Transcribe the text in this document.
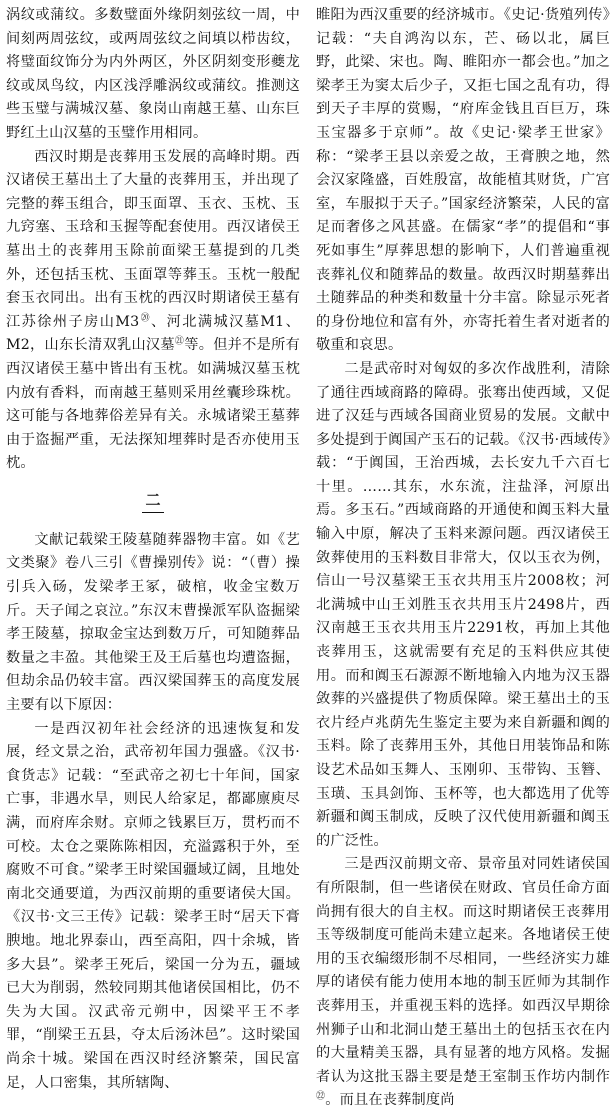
涡纹或蒲纹。多数璧面外缘阴刻弦纹一周，中间刻两周弦纹，或两周弦纹之间填以栉齿纹，将璧面纹饰分为内外两区，外区阴刻变形夔龙纹或凤鸟纹，内区浅浮雕涡纹或蒲纹。推测这些玉璧与满城汉墓、象岗山南越王墓、山东巨野红土山汉墓的玉璧作用相同。

西汉时期是丧葬用玉发展的高峰时期。西汉诸侯王墓出土了大量的丧葬用玉，并出现了完整的葬玉组合，即玉面罩、玉衣、玉枕、玉九窍塞、玉琀和玉握等配套使用。西汉诸侯王墓出土的丧葬用玉除前面梁王墓提到的几类外，还包括玉枕、玉面罩等葬玉。玉枕一般配套玉衣同出。出有玉枕的西汉时期诸侯王墓有江苏徐州子房山M3⑳、河北满城汉墓M1、M2，山东长清双乳山汉墓$^㉑$等。但并不是所有西汉诸侯王墓中皆出有玉枕。如满城汉墓玉枕内放有香料，而南越王墓则采用丝囊珍珠枕。这可能与各地葬俗差异有关。永城诸梁王墓葬由于盗掘严重，无法探知埋葬时是否亦使用玉枕。

二

文献记载梁王陵墓随葬器物丰富。如《艺文类聚》卷八三引《曹操别传》说：“（曹）操引兵入砀，发梁孝王冢，破棺，收金宝数万斤。天子闻之哀泣。”东汉末曹操派军队盗掘梁孝王陵墓，掠取金宝达到数万斤，可知随葬品数量之丰盈。其他梁王及王后墓也均遭盗掘，但劫余品仍较丰富。西汉梁国葬玉的高度发展主要有以下原因：

一是西汉初年社会经济的迅速恢复和发展，经文景之治，武帝初年国力强盛。《汉书·食货志》记载：“至武帝之初七十年间，国家亡事，非遇水旱，则民人给家足，都鄙廪庾尽满，而府库余财。京师之钱累巨万，贯朽而不可校。太仓之粟陈陈相因，充溢露积于外，至腐败不可食。”梁孝王时梁国疆域辽阔，且地处南北交通要道，为西汉前期的重要诸侯大国。《汉书·文三王传》记载：梁孝王时“居天下膏腴地。地北界泰山，西至高阳，四十余城，皆多大县”。梁孝王死后，梁国一分为五，疆域已大为削弱，然较同期其他诸侯国相比，仍不失为大国。汉武帝元朔中，因梁平王不孝罪，“削梁王五县，夺太后汤沐邑”。这时梁国尚余十城。梁国在西汉时经济繁荣，国民富足，人口密集，其所辖陶、

睢阳为西汉重要的经济城市。《史记·货殖列传》记载：“夫自鸿沟以东，芒、砀以北，属巨野，此梁、宋也。陶、睢阳亦一都会也。”加之梁孝王为窦太后少子，又拒七国之乱有功，得到天子丰厚的赏赐，“府库金钱且百巨万，珠玉宝器多于京师”。故《史记·梁孝王世家》称：“梁孝王县以亲爱之故，王膏腴之地，然会汉家隆盛，百姓殷富，故能植其财货，广宫室，车服拟于天子。”国家经济繁荣，人民的富足而奢侈之风甚盛。在儒家“孝”的提倡和“事死如事生”厚葬思想的影响下，人们普遍重视丧葬礼仪和随葬品的数量。故西汉时期墓葬出土随葬品的种类和数量十分丰富。除显示死者的身份地位和富有外，亦寄托着生者对逝者的敬重和哀思。

二是武帝时对匈奴的多次作战胜利，清除了通往西域商路的障碍。张骞出使西域，又促进了汉廷与西域各国商业贸易的发展。文献中多处提到于阗国产玉石的记载。《汉书·西域传》载：“于阗国，王治西城，去长安九千六百七十里。……其东，水东流，注盐泽，河原出焉。多玉石。”西域商路的开通使和阗玉料大量输入中原，解决了玉料来源问题。西汉诸侯王敛葬使用的玉料数目非常大，仅以玉衣为例，信山一号汉墓梁王玉衣共用玉片2008枚；河北满城中山王刘胜玉衣共用玉片2498片，西汉南越王玉衣共用玉片2291枚，再加上其他丧葬用玉，这就需要有充足的玉料供应其使用。而和阗玉石源源不断地输入内地为汉玉器敛葬的兴盛提供了物质保障。梁王墓出土的玉衣片经卢兆荫先生鉴定主要为来自新疆和阗的玉料。除了丧葬用玉外，其他日用装饰品和陈设艺术品如玉舞人、玉刚卯、玉带钩、玉簪、玉璜、玉具剑饰、玉杯等，也大都选用了优等新疆和阗玉制成，反映了汉代使用新疆和阗玉的广泛性。

三是西汉前期文帝、景帝虽对同姓诸侯国有所限制，但一些诸侯在财政、官员任命方面尚拥有很大的自主权。而这时期诸侯王丧葬用玉等级制度可能尚未建立起来。各地诸侯王使用的玉衣编缀形制不尽相同，一些经济实力雄厚的诸侯有能力使用本地的制玉匠师为其制作丧葬用玉，并重视玉料的选择。如西汉早期徐州狮子山和北洞山楚王墓出土的包括玉衣在内的大量精美玉器，具有显著的地方风格。发掘者认为这批玉器主要是楚王室制玉作坊内制作$^㉒$。而且在丧葬制度尚
